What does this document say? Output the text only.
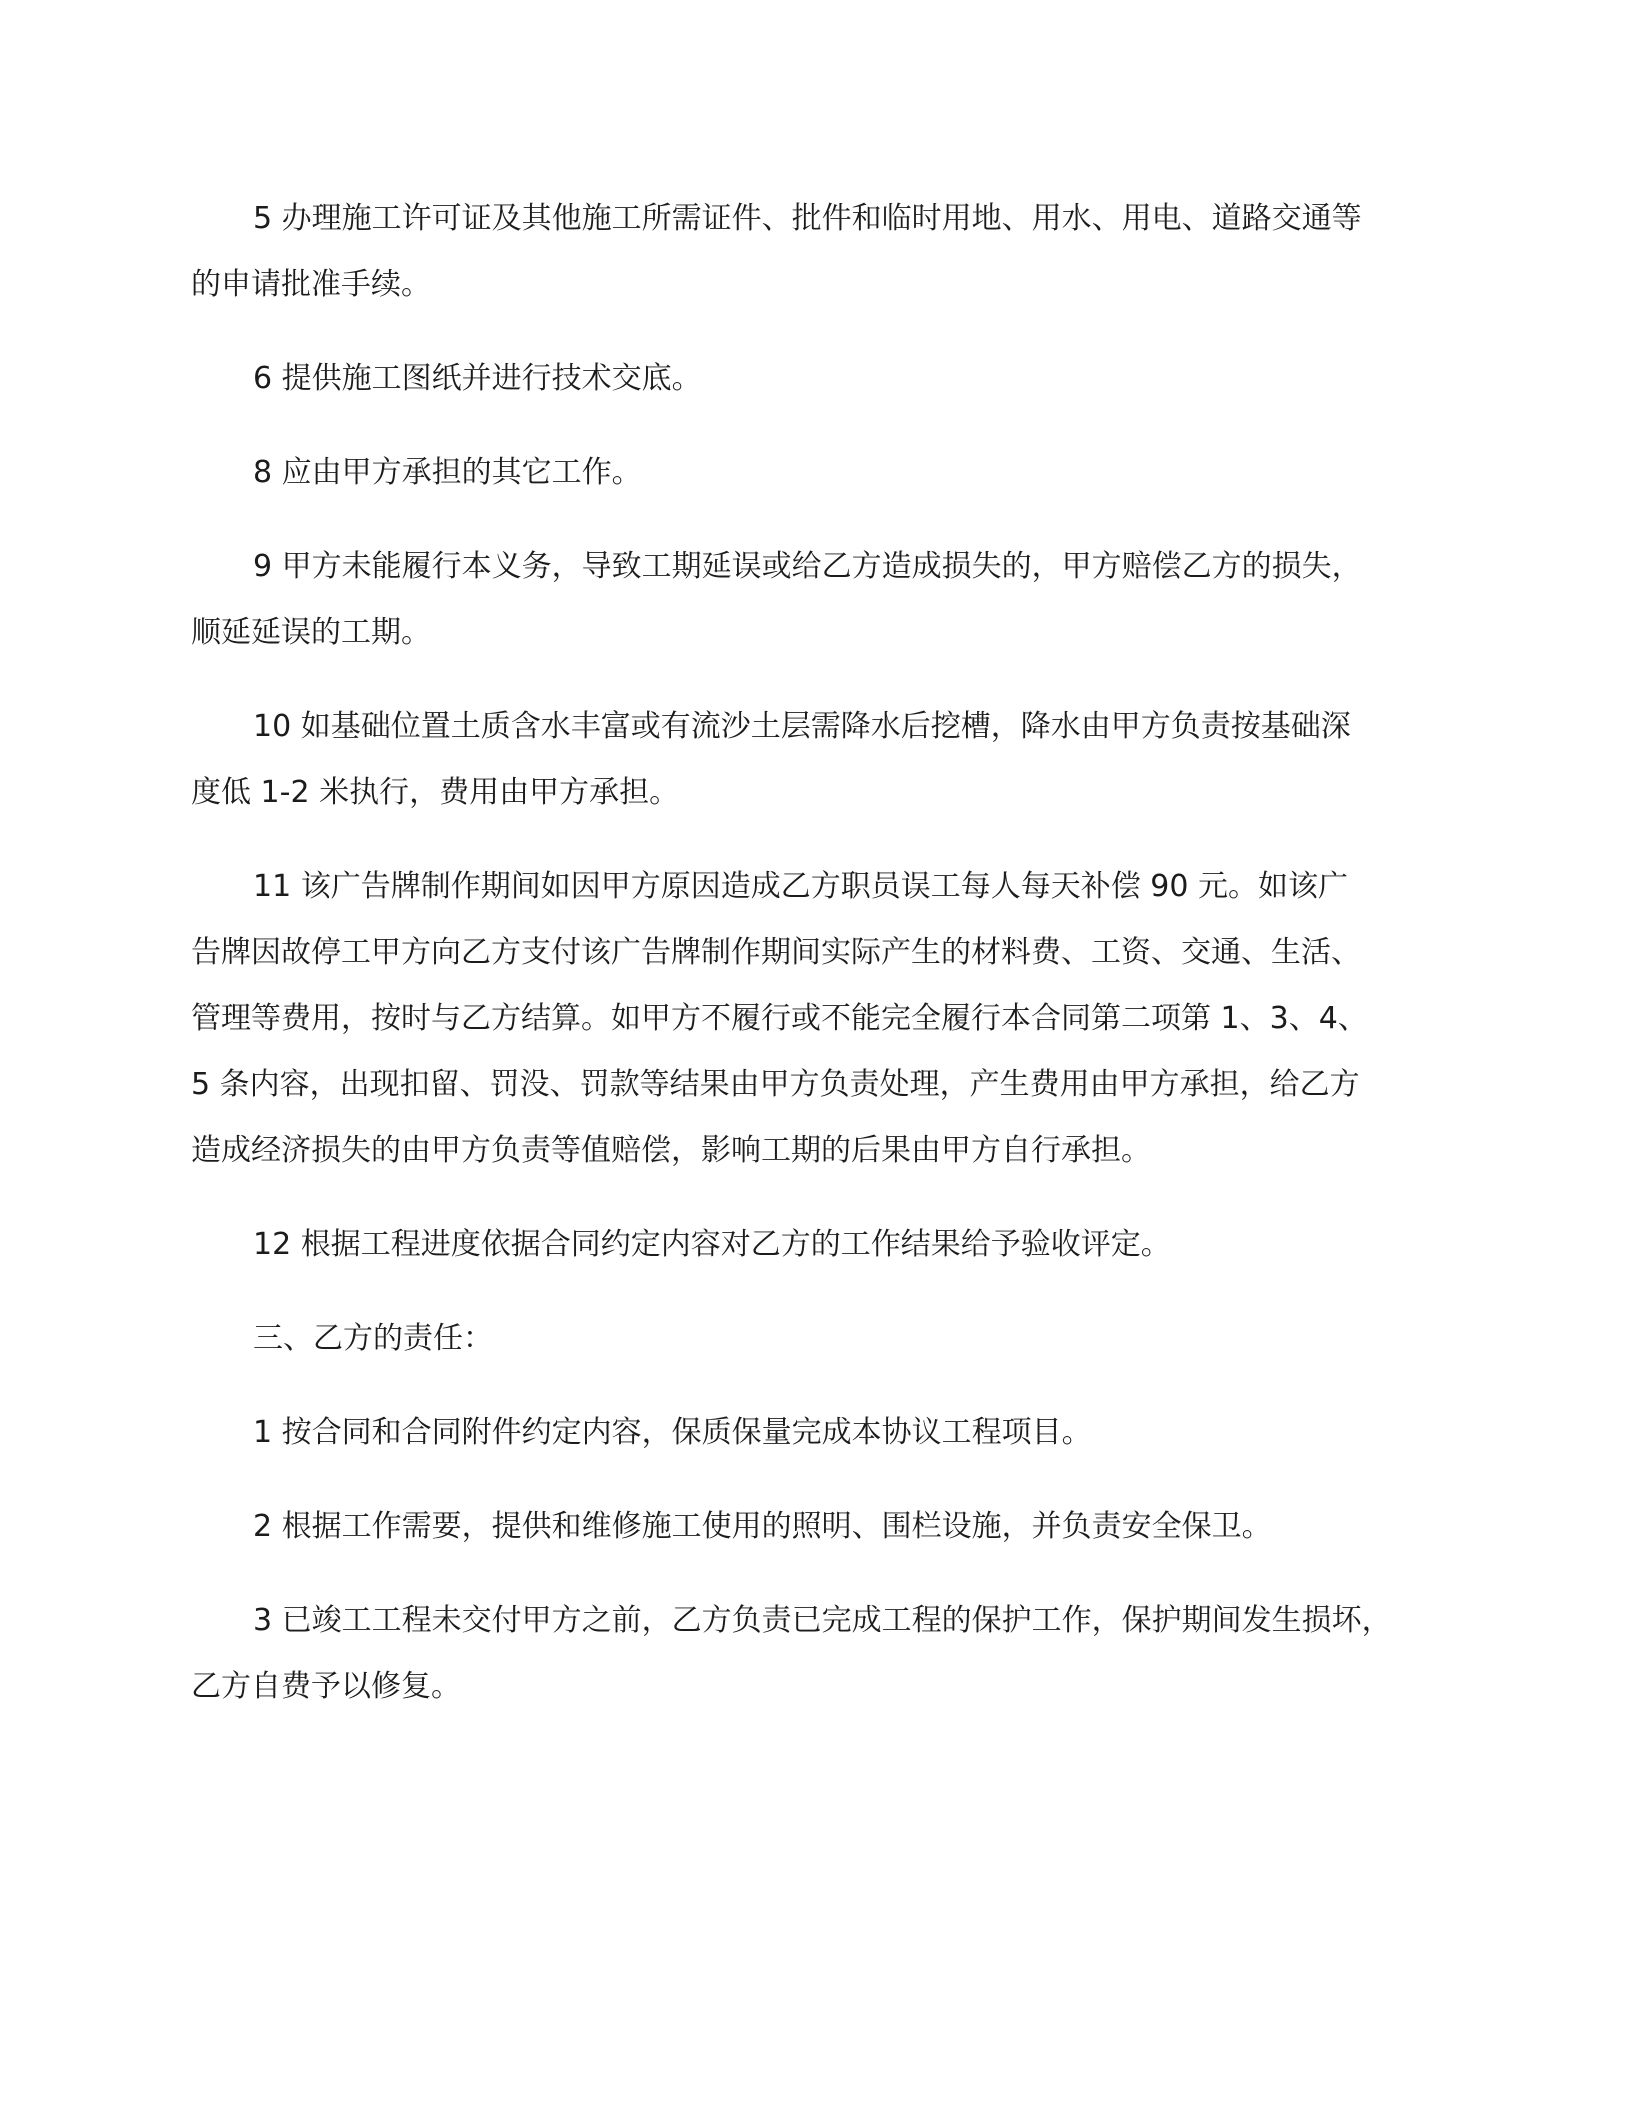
5 办理施工许可证及其他施工所需证件、批件和临时用地、用水、用电、道路交通等
的申请批准手续。

6 提供施工图纸并进行技术交底。

8 应由甲方承担的其它工作。

9 甲方未能履行本义务，导致工期延误或给乙方造成损失的，甲方赔偿乙方的损失，
顺延延误的工期。

10 如基础位置土质含水丰富或有流沙土层需降水后挖槽，降水由甲方负责按基础深
度低 1-2 米执行，费用由甲方承担。

11 该广告牌制作期间如因甲方原因造成乙方职员误工每人每天补偿 90 元。如该广
告牌因故停工甲方向乙方支付该广告牌制作期间实际产生的材料费、工资、交通、生活、
管理等费用，按时与乙方结算。如甲方不履行或不能完全履行本合同第二项第 1、3、4、
5 条内容，出现扣留、罚没、罚款等结果由甲方负责处理，产生费用由甲方承担，给乙方
造成经济损失的由甲方负责等值赔偿，影响工期的后果由甲方自行承担。

12 根据工程进度依据合同约定内容对乙方的工作结果给予验收评定。

三、乙方的责任：

1 按合同和合同附件约定内容，保质保量完成本协议工程项目。

2 根据工作需要，提供和维修施工使用的照明、围栏设施，并负责安全保卫。

3 已竣工工程未交付甲方之前，乙方负责已完成工程的保护工作，保护期间发生损坏，
乙方自费予以修复。
